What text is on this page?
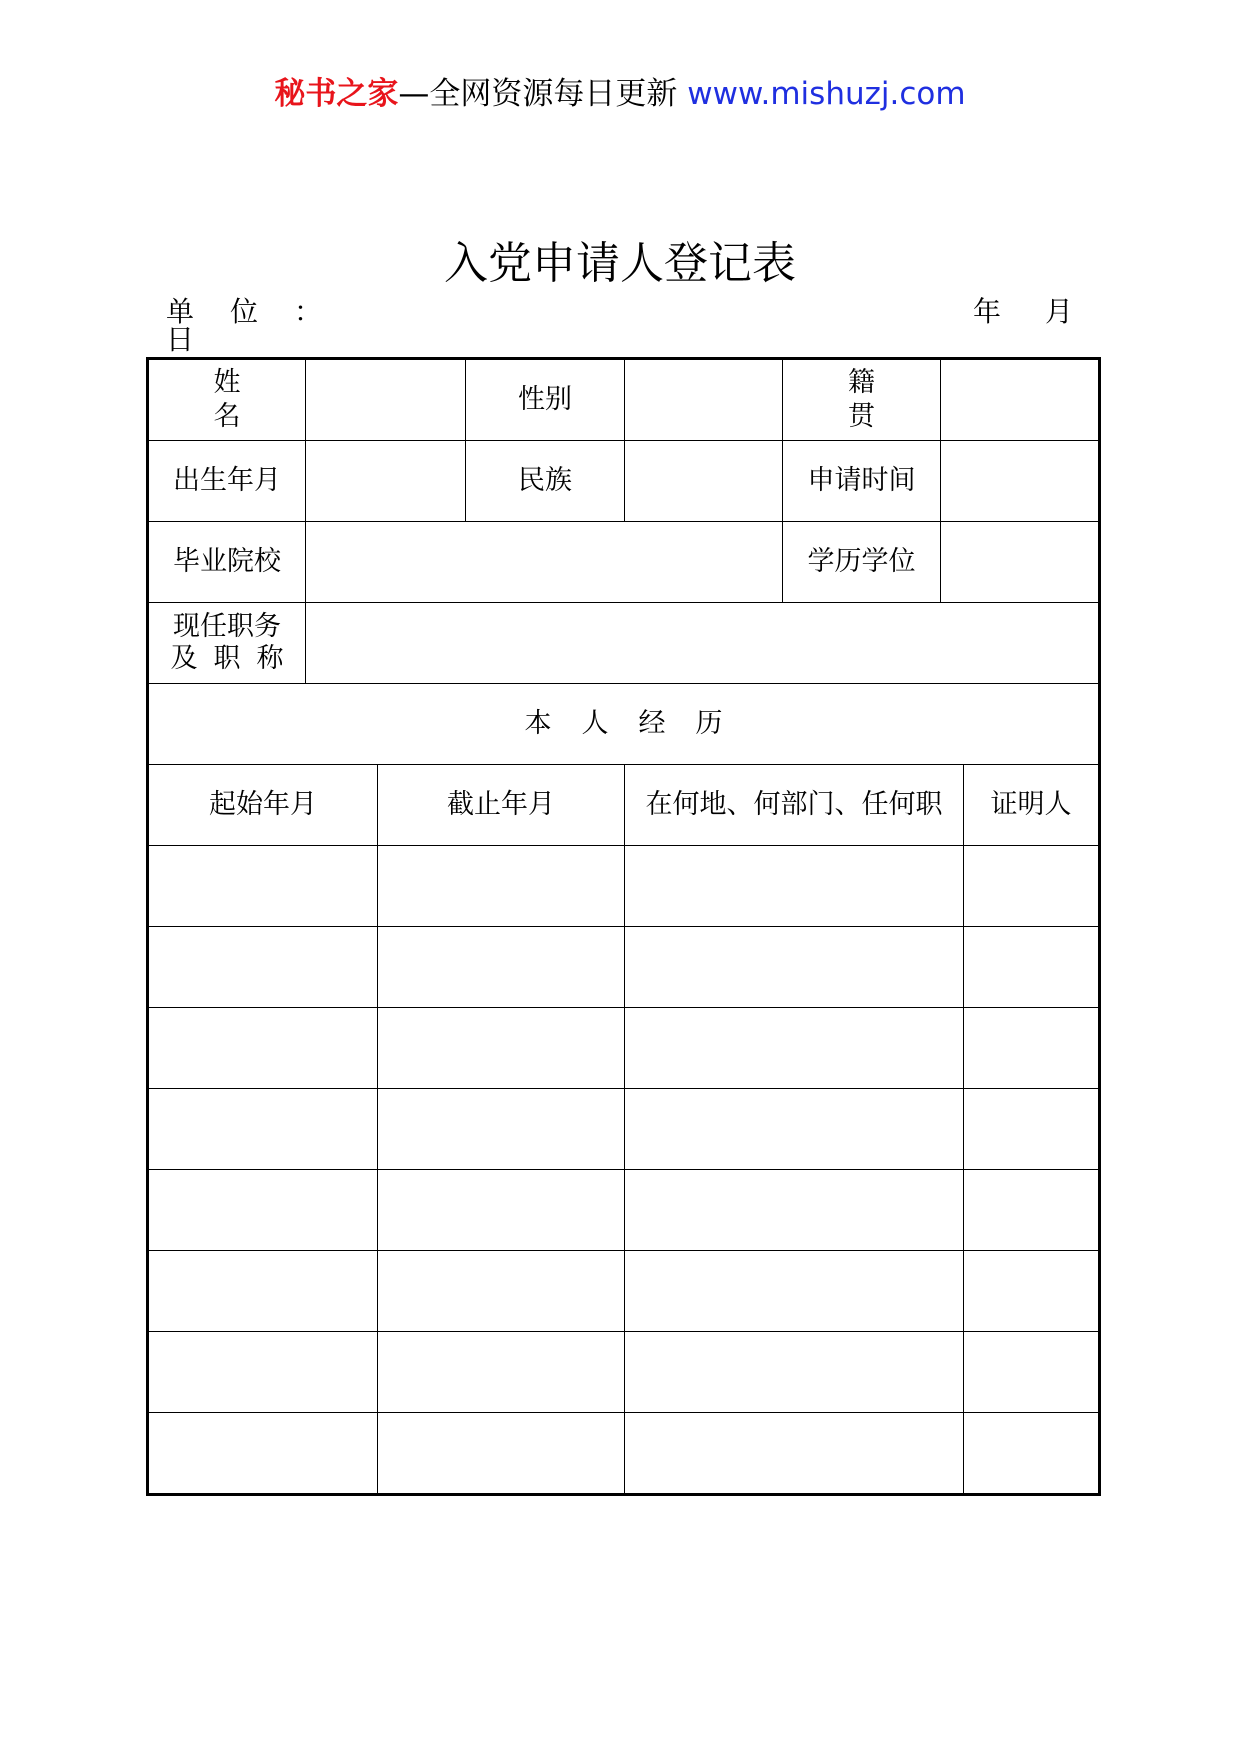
秘书之家—全网资源每日更新 www.mishuzj.com
入党申请人登记表
单位：	年月
日
姓名			性别		籍贯		
出生年月			民族		申请时间		
毕业院校					学历学位		

现任职务
及职称							

本人经历							
起始年月		截止年月		在何地、何部门、任何职			证明人
